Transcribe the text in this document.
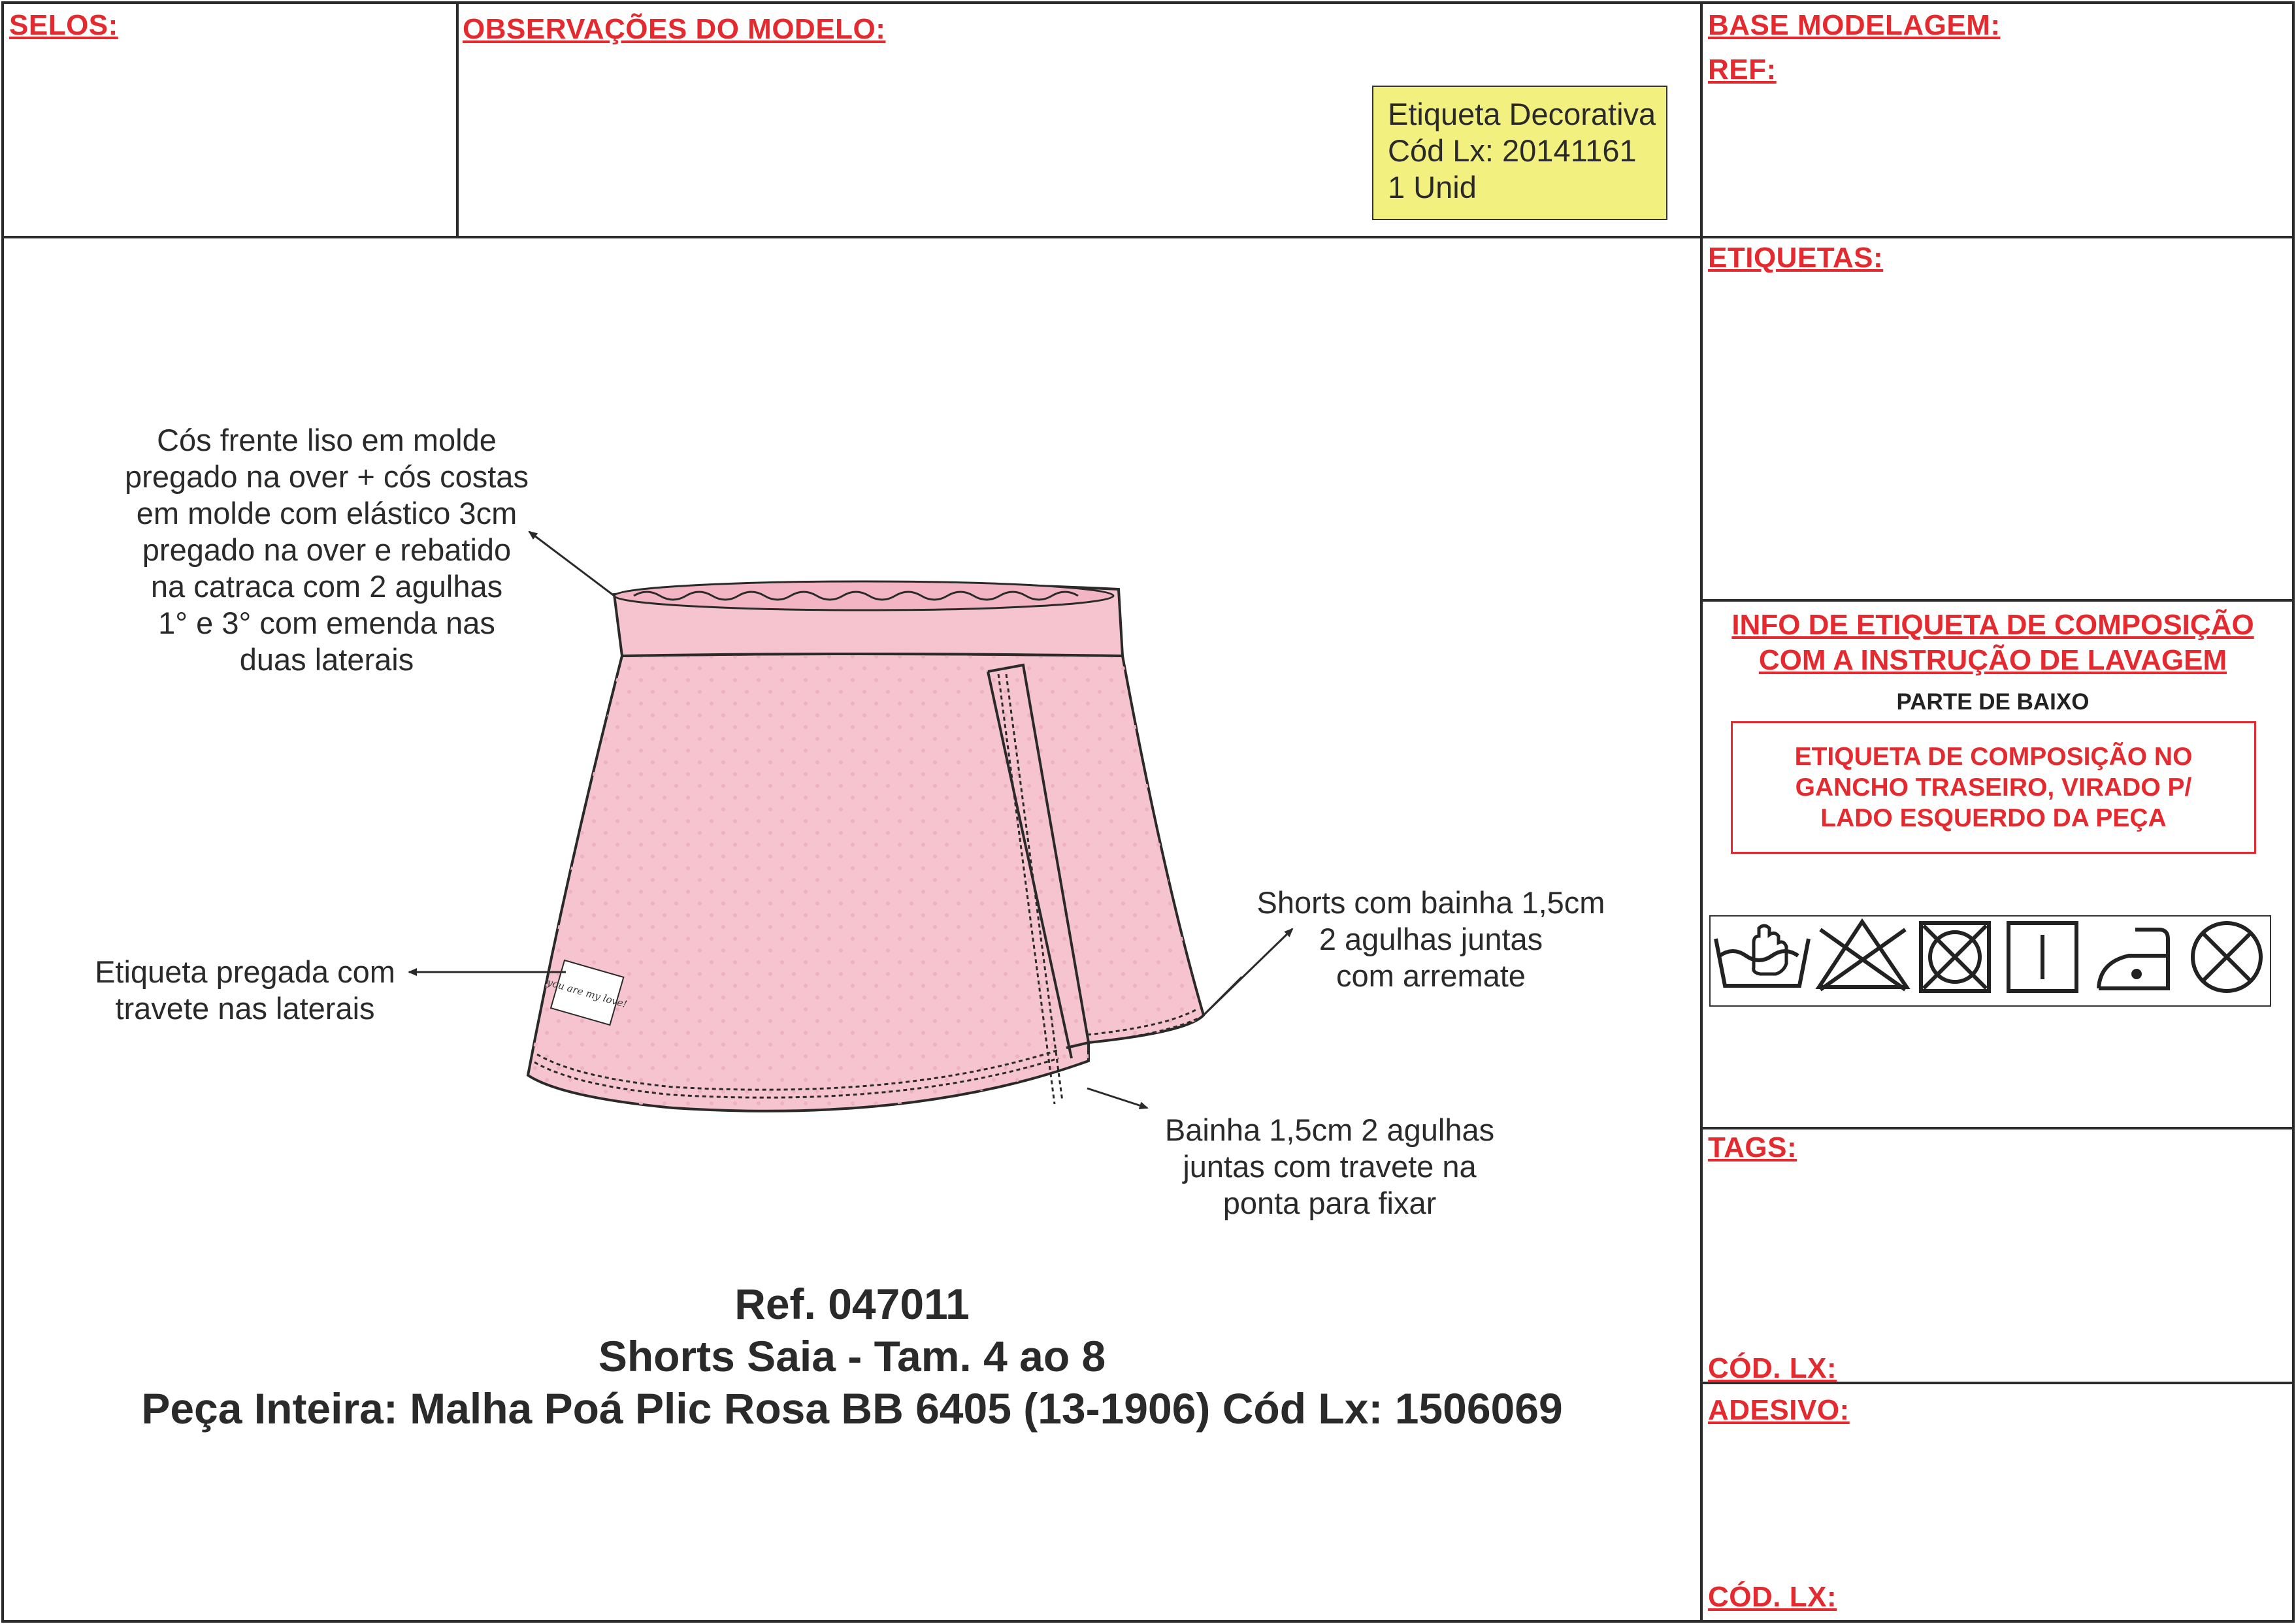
SELOS:	OBSERVAÇÕES DO MODELO:	BASE MODELAGEM:
REF:
Etiqueta Decorativa
Cód Lx: 20141161
1 Unid
ETIQUETAS:
INFO DE ETIQUETA DE COMPOSIÇÃO
COM A INSTRUÇÃO DE LAVAGEM
PARTE DE BAIXO
ETIQUETA DE COMPOSIÇÃO NO
GANCHO TRASEIRO, VIRADO P/
LADO ESQUERDO DA PEÇA
TAGS:
CÓD. LX:
ADESIVO:
CÓD. LX:
you are my love!
Cós frente liso em molde
pregado na over + cós costas
em molde com elástico 3cm
pregado na over e rebatido
na catraca com 2 agulhas
1° e 3° com emenda nas
duas laterais
Etiqueta pregada com
travete nas laterais
Shorts com bainha 1,5cm
2 agulhas juntas
com arremate
Bainha 1,5cm 2 agulhas
juntas com travete na
ponta para fixar
Ref. 047011
Shorts Saia - Tam. 4 ao 8
Peça Inteira: Malha Poá Plic Rosa BB 6405 (13-1906) Cód Lx: 1506069
